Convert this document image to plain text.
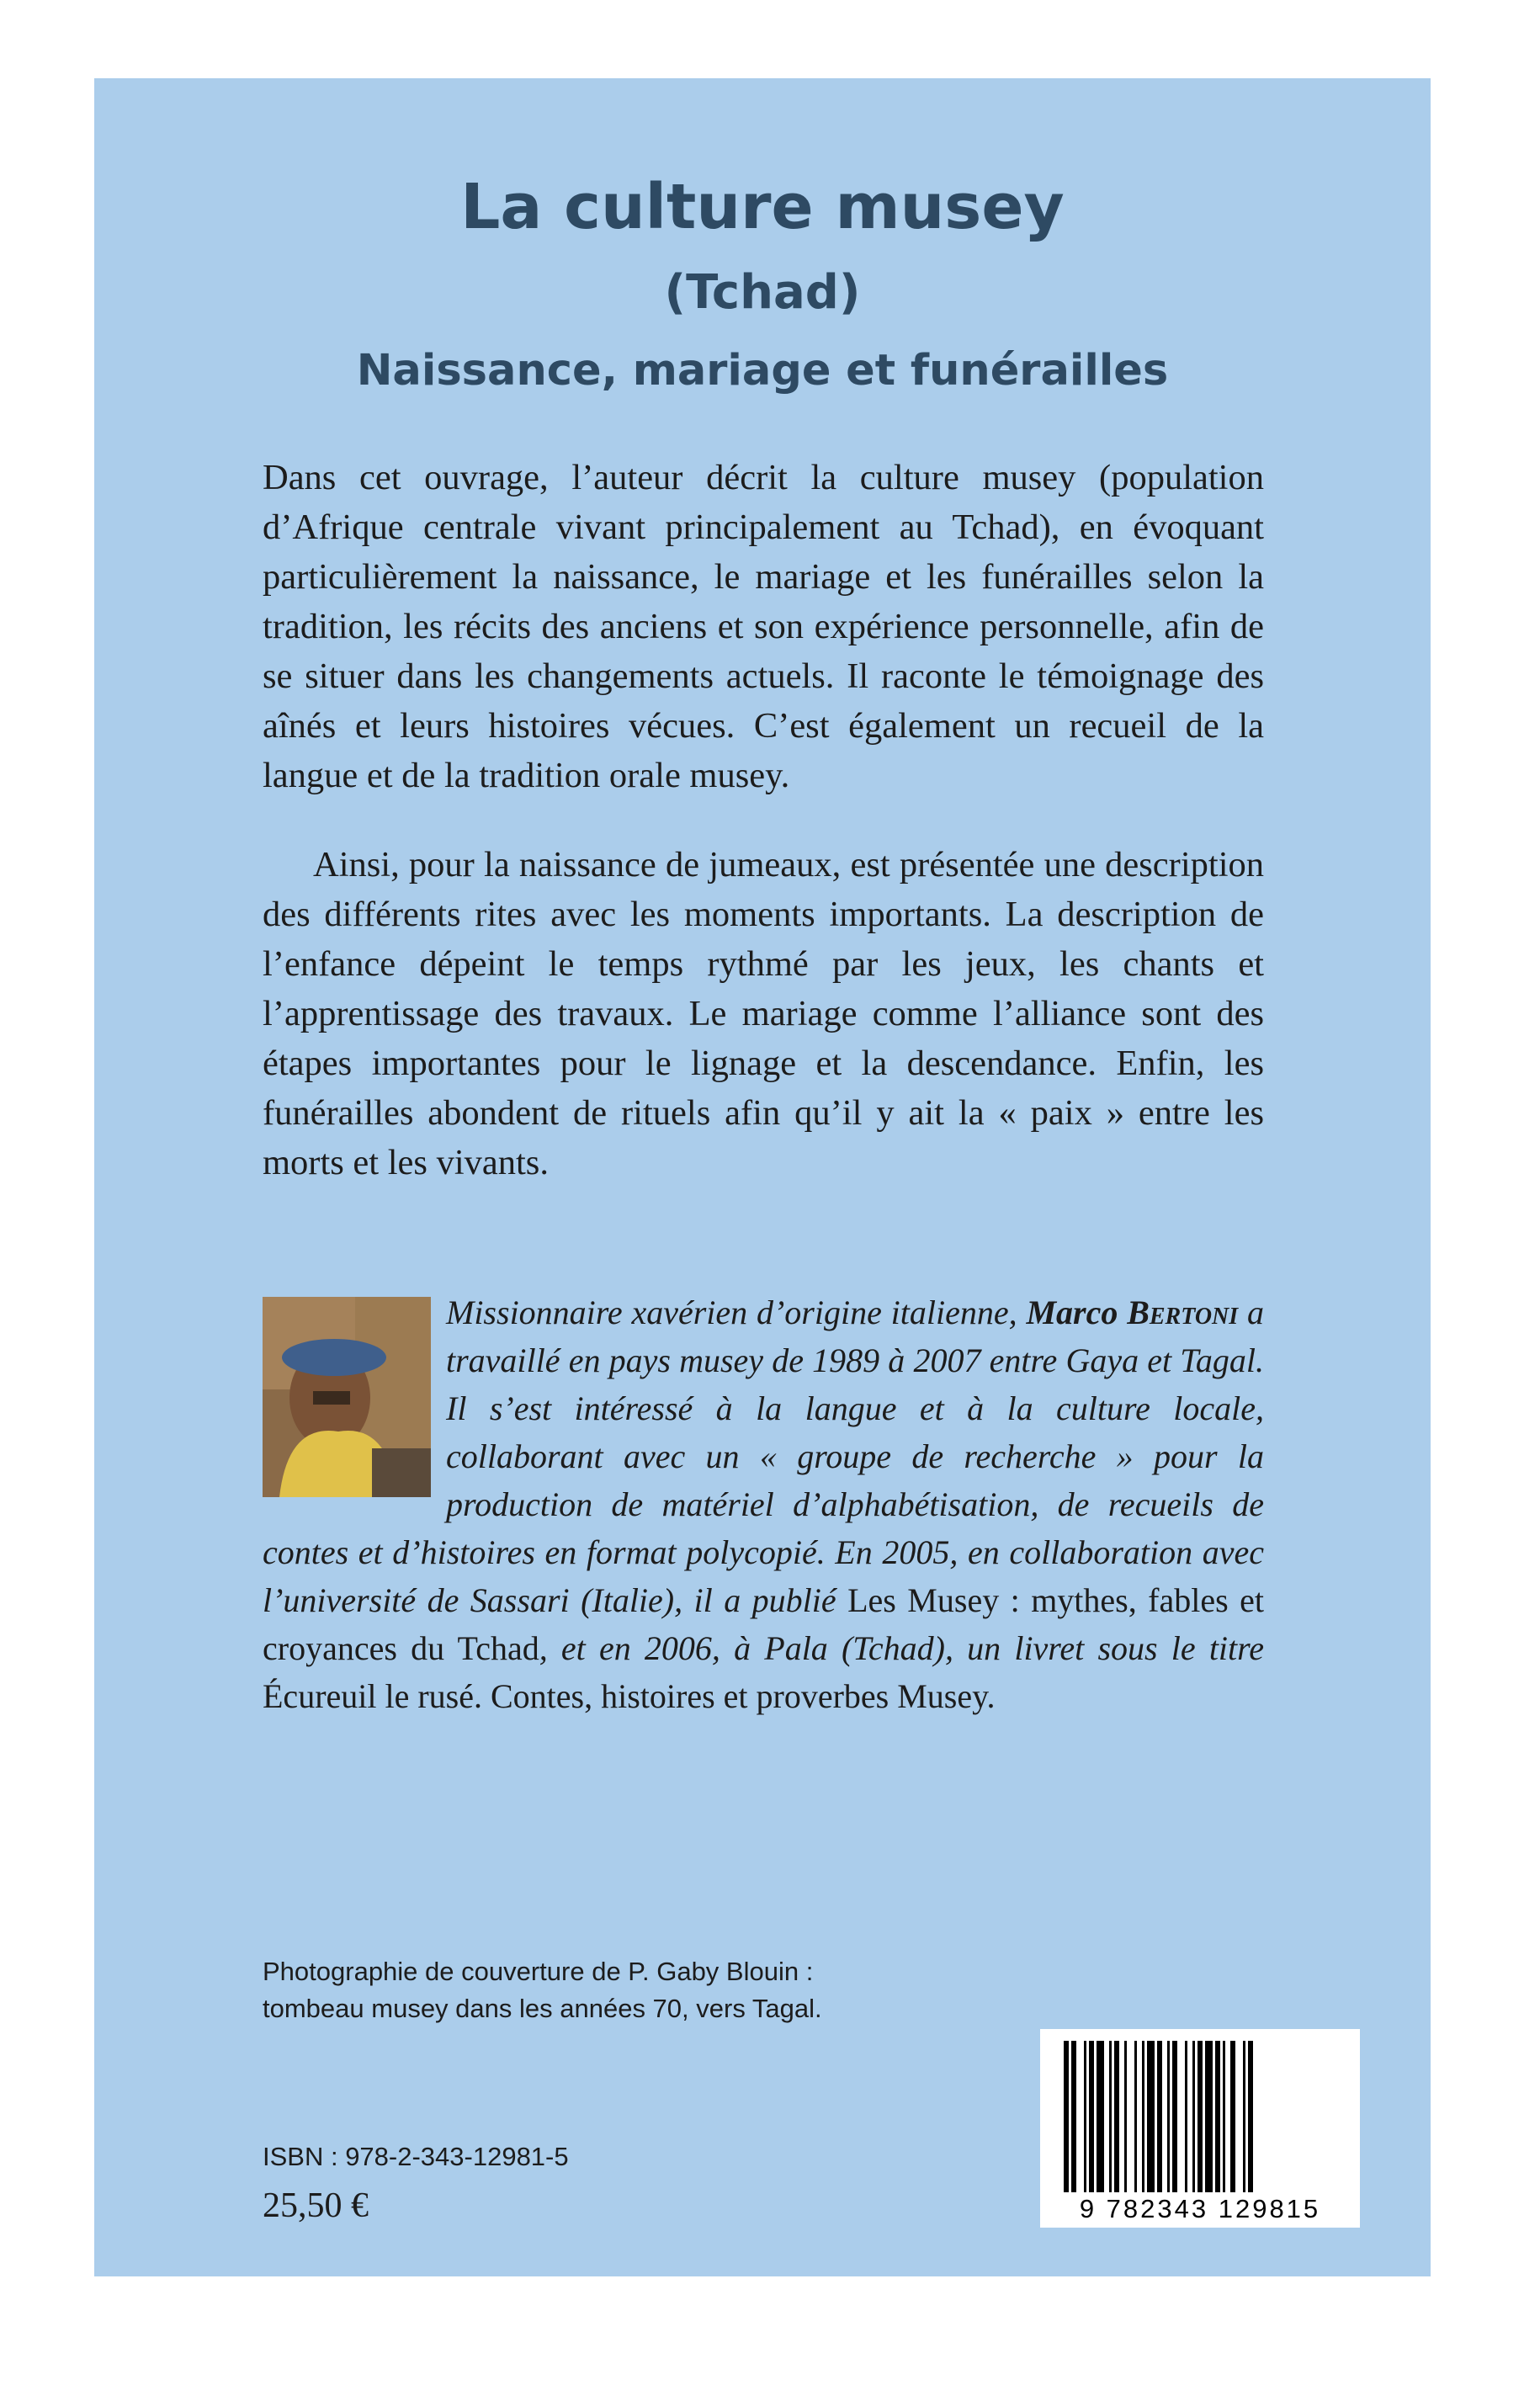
La culture musey
(Tchad)
Naissance, mariage et funérailles

Dans cet ouvrage, l’auteur décrit la culture musey (population d’Afrique centrale vivant principalement au Tchad), en évoquant particulièrement la naissance, le mariage et les funérailles selon la tradition, les récits des anciens et son expérience personnelle, afin de se situer dans les changements actuels. Il raconte le témoignage des aînés et leurs histoires vécues. C’est également un recueil de la langue et de la tradition orale musey.

Ainsi, pour la naissance de jumeaux, est présentée une description des différents rites avec les moments importants. La description de l’enfance dépeint le temps rythmé par les jeux, les chants et l’apprentissage des travaux. Le mariage comme l’alliance sont des étapes importantes pour le lignage et la descendance. Enfin, les funérailles abondent de rituels afin qu’il y ait la « paix » entre les morts et les vivants.

Missionnaire xavérien d’origine italienne, Marco Bertoni a travaillé en pays musey de 1989 à 2007 entre Gaya et Tagal. Il s’est intéressé à la langue et à la culture locale, collaborant avec un « groupe de recherche » pour la production de matériel d’alphabétisation, de recueils de contes et d’histoires en format polycopié. En 2005, en collaboration avec l’université de Sassari (Italie), il a publié Les Musey : mythes, fables et croyances du Tchad, et en 2006, à Pala (Tchad), un livret sous le titre Écureuil le rusé. Contes, histoires et proverbes Musey.
Photographie de couverture de P. Gaby Blouin :
tombeau musey dans les années 70, vers Tagal.
ISBN : 978-2-343-12981-5
25,50 €	9 782343 129815
